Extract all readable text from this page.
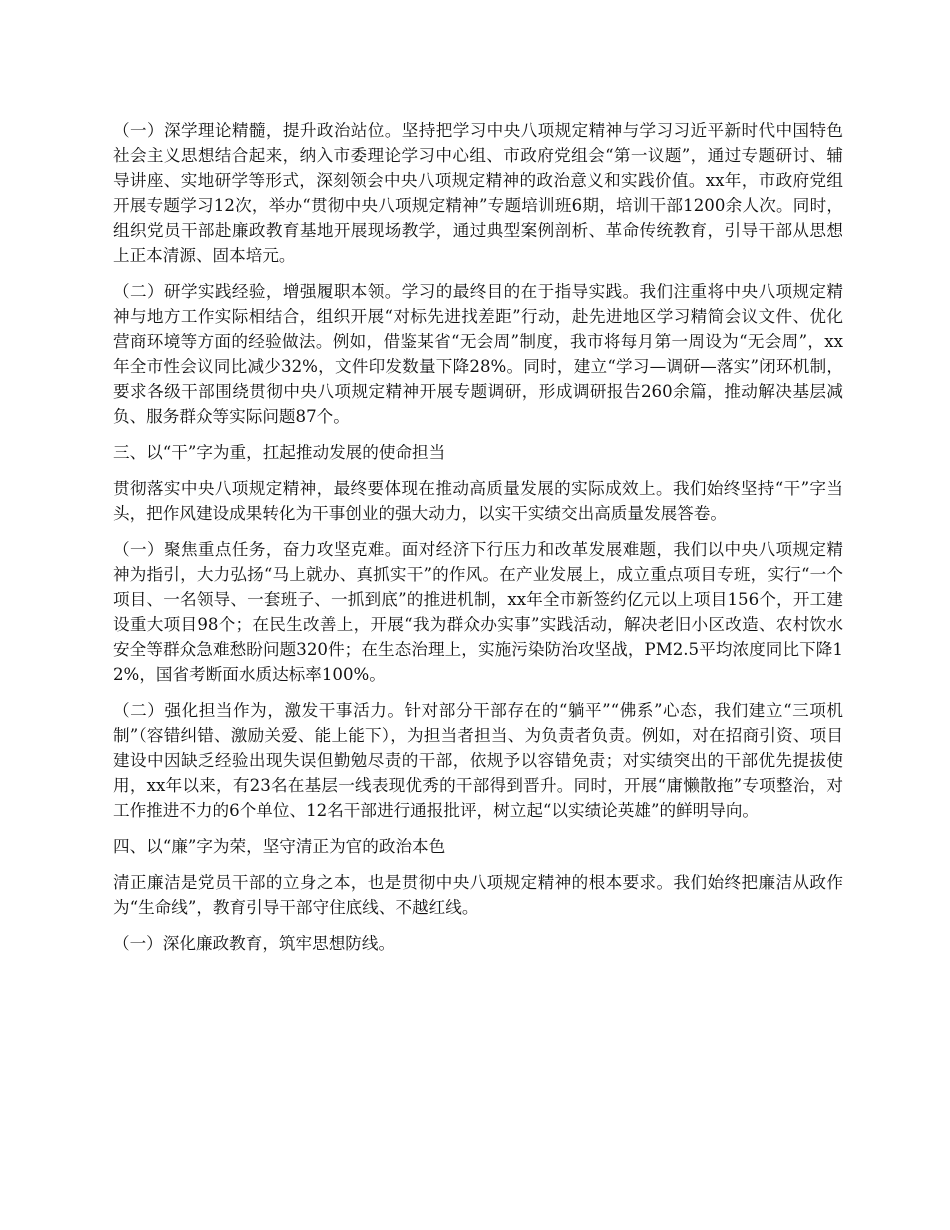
（一）深学理论精髓，提升政治站位。坚持把学习中央八项规定精神与学习习近平新时代中国特色社会主义思想结合起来，纳入市委理论学习中心组、市政府党组会“第一议题”，通过专题研讨、辅导讲座、实地研学等形式，深刻领会中央八项规定精神的政治意义和实践价值。xx年，市政府党组开展专题学习12次，举办“贯彻中央八项规定精神”专题培训班6期，培训干部1200余人次。同时，组织党员干部赴廉政教育基地开展现场教学，通过典型案例剖析、革命传统教育，引导干部从思想上正本清源、固本培元。

（二）研学实践经验，增强履职本领。学习的最终目的在于指导实践。我们注重将中央八项规定精神与地方工作实际相结合，组织开展“对标先进找差距”行动，赴先进地区学习精简会议文件、优化营商环境等方面的经验做法。例如，借鉴某省“无会周”制度，我市将每月第一周设为“无会周”，xx年全市性会议同比减少32%，文件印发数量下降28%。同时，建立“学习—调研—落实”闭环机制，要求各级干部围绕贯彻中央八项规定精神开展专题调研，形成调研报告260余篇，推动解决基层减负、服务群众等实际问题87个。

三、以“干”字为重，扛起推动发展的使命担当

贯彻落实中央八项规定精神，最终要体现在推动高质量发展的实际成效上。我们始终坚持“干”字当头，把作风建设成果转化为干事创业的强大动力，以实干实绩交出高质量发展答卷。

（一）聚焦重点任务，奋力攻坚克难。面对经济下行压力和改革发展难题，我们以中央八项规定精神为指引，大力弘扬“马上就办、真抓实干”的作风。在产业发展上，成立重点项目专班，实行“一个项目、一名领导、一套班子、一抓到底”的推进机制，xx年全市新签约亿元以上项目156个，开工建设重大项目98个；在民生改善上，开展“我为群众办实事”实践活动，解决老旧小区改造、农村饮水安全等群众急难愁盼问题320件；在生态治理上，实施污染防治攻坚战，PM2.5平均浓度同比下降12%，国省考断面水质达标率100%。

（二）强化担当作为，激发干事活力。针对部分干部存在的“躺平”“佛系”心态，我们建立“三项机制”（容错纠错、激励关爱、能上能下），为担当者担当、为负责者负责。例如，对在招商引资、项目建设中因缺乏经验出现失误但勤勉尽责的干部，依规予以容错免责；对实绩突出的干部优先提拔使用，xx年以来，有23名在基层一线表现优秀的干部得到晋升。同时，开展“庸懒散拖”专项整治，对工作推进不力的6个单位、12名干部进行通报批评，树立起“以实绩论英雄”的鲜明导向。

四、以“廉”字为荣，坚守清正为官的政治本色

清正廉洁是党员干部的立身之本，也是贯彻中央八项规定精神的根本要求。我们始终把廉洁从政作为“生命线”，教育引导干部守住底线、不越红线。

（一）深化廉政教育，筑牢思想防线。
